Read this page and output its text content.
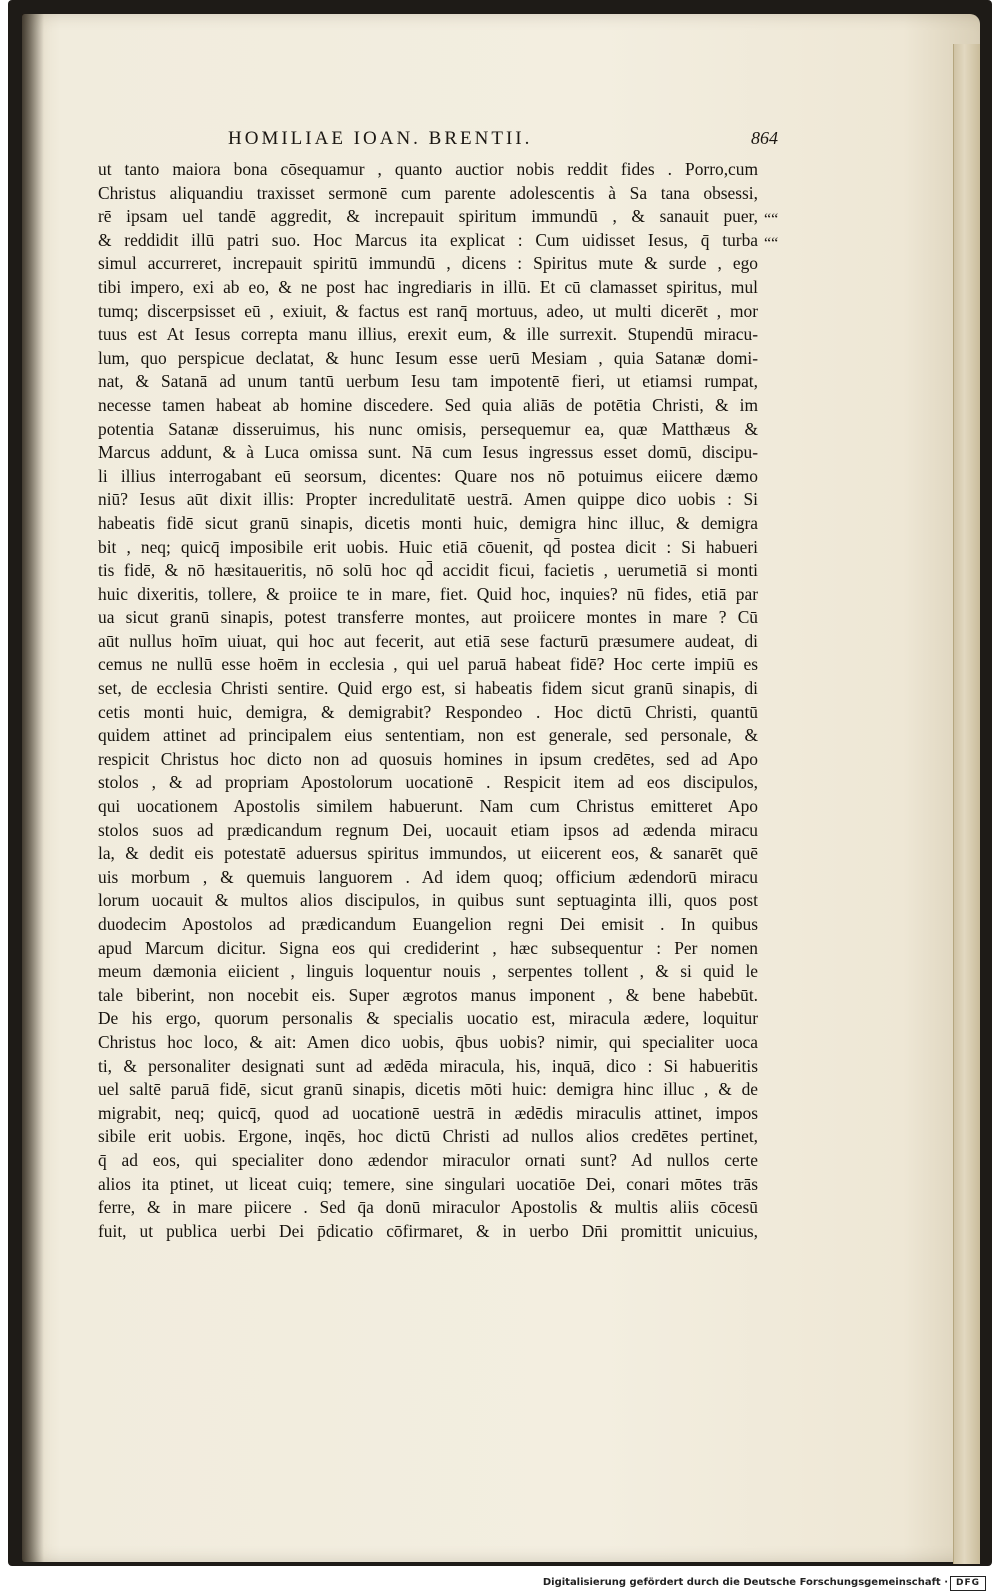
HOMILIAE IOAN. BRENTII.	864
““
““
ut tanto maiora bona cōsequamur , quanto auctior nobis reddit fides . Porro,cum
Christus aliquandiu traxisset sermonē cum parente adolescentis à Sa tana obsessi,
rē ipsam uel tandē aggredit, & increpauit spiritum immundū , & sanauit puer,
& reddidit illū patri suo. Hoc Marcus ita explicat : Cum uidisset Iesus, q̄ turba
simul accurreret, increpauit spiritū immundū , dicens : Spiritus mute & surde , ego
tibi impero, exi ab eo, & ne post hac ingrediaris in illū. Et cū clamasset spiritus, mul
tumq; discerpsisset eū , exiuit, & factus est ranq̄ mortuus, adeo, ut multi dicerēt , mor
tuus est At Iesus correpta manu illius, erexit eum, & ille surrexit. Stupendū miracu-
lum, quo perspicue declatat, & hunc Iesum esse uerū Mesiam , quia Satanæ domi-
nat, & Satanā ad unum tantū uerbum Iesu tam impotentē fieri, ut etiamsi rumpat,
necesse tamen habeat ab homine discedere. Sed quia aliās de potētia Christi, & im
potentia Satanæ disseruimus, his nunc omisis, persequemur ea, quæ Matthæus &
Marcus addunt, & à Luca omissa sunt. Nā cum Iesus ingressus esset domū, discipu-
li illius interrogabant eū seorsum, dicentes: Quare nos nō potuimus eiicere dæmo
niū? Iesus aūt dixit illis: Propter incredulitatē uestrā. Amen quippe dico uobis : Si
habeatis fidē sicut granū sinapis, dicetis monti huic, demigra hinc illuc, & demigra
bit , neq; quicq̄ imposibile erit uobis. Huic etiā cōuenit, qd̄ postea dicit : Si habueri
tis fidē, & nō hæsitaueritis, nō solū hoc qd̄ accidit ficui, facietis , uerumetiā si monti
huic dixeritis, tollere, & proiice te in mare, fiet. Quid hoc, inquies? nū fides, etiā par
ua sicut granū sinapis, potest transferre montes, aut proiicere montes in mare ? Cū
aūt nullus hoīm uiuat, qui hoc aut fecerit, aut etiā sese facturū præsumere audeat, di
cemus ne nullū esse hoēm in ecclesia , qui uel paruā habeat fidē? Hoc certe impiū es
set, de ecclesia Christi sentire. Quid ergo est, si habeatis fidem sicut granū sinapis, di
cetis monti huic, demigra, & demigrabit? Respondeo . Hoc dictū Christi, quantū
quidem attinet ad principalem eius sententiam, non est generale, sed personale, &
respicit Christus hoc dicto non ad quosuis homines in ipsum credētes, sed ad Apo
stolos , & ad propriam Apostolorum uocationē . Respicit item ad eos discipulos,
qui uocationem Apostolis similem habuerunt. Nam cum Christus emitteret Apo
stolos suos ad prædicandum regnum Dei, uocauit etiam ipsos ad ædenda miracu
la, & dedit eis potestatē aduersus spiritus immundos, ut eiicerent eos, & sanarēt quē
uis morbum , & quemuis languorem . Ad idem quoq; officium ædendorū miracu
lorum uocauit & multos alios discipulos, in quibus sunt septuaginta illi, quos post
duodecim Apostolos ad prædicandum Euangelion regni Dei emisit . In quibus
apud Marcum dicitur. Signa eos qui crediderint , hæc subsequentur : Per nomen
meum dæmonia eiicient , linguis loquentur nouis , serpentes tollent , & si quid le
tale biberint, non nocebit eis. Super ægrotos manus imponent , & bene habebūt.
De his ergo, quorum personalis & specialis uocatio est, miracula ædere, loquitur
Christus hoc loco, & ait: Amen dico uobis, q̄bus uobis? nimir, qui specialiter uoca
ti, & personaliter designati sunt ad ædēda miracula, his, inquā, dico : Si habueritis
uel saltē paruā fidē, sicut granū sinapis, dicetis mōti huic: demigra hinc illuc , & de
migrabit, neq; quicq̄, quod ad uocationē uestrā in ædēdis miraculis attinet, impos
sibile erit uobis. Ergone, inqēs, hoc dictū Christi ad nullos alios credētes pertinet,
q̄ ad eos, qui specialiter dono ædendor miraculor ornati sunt? Ad nullos certe
alios ita ptinet, ut liceat cuiq; temere, sine singulari uocatiōe Dei, conari mōtes trās
ferre, & in mare piicere . Sed q̄a donū miraculor Apostolis & multis aliis cōcesū
fuit, ut publica uerbi Dei p̄dicatio cōfirmaret, & in uerbo Dn̄i promittit unicuius,
Digitalisierung gefördert durch die Deutsche Forschungsgemeinschaft · DFG
